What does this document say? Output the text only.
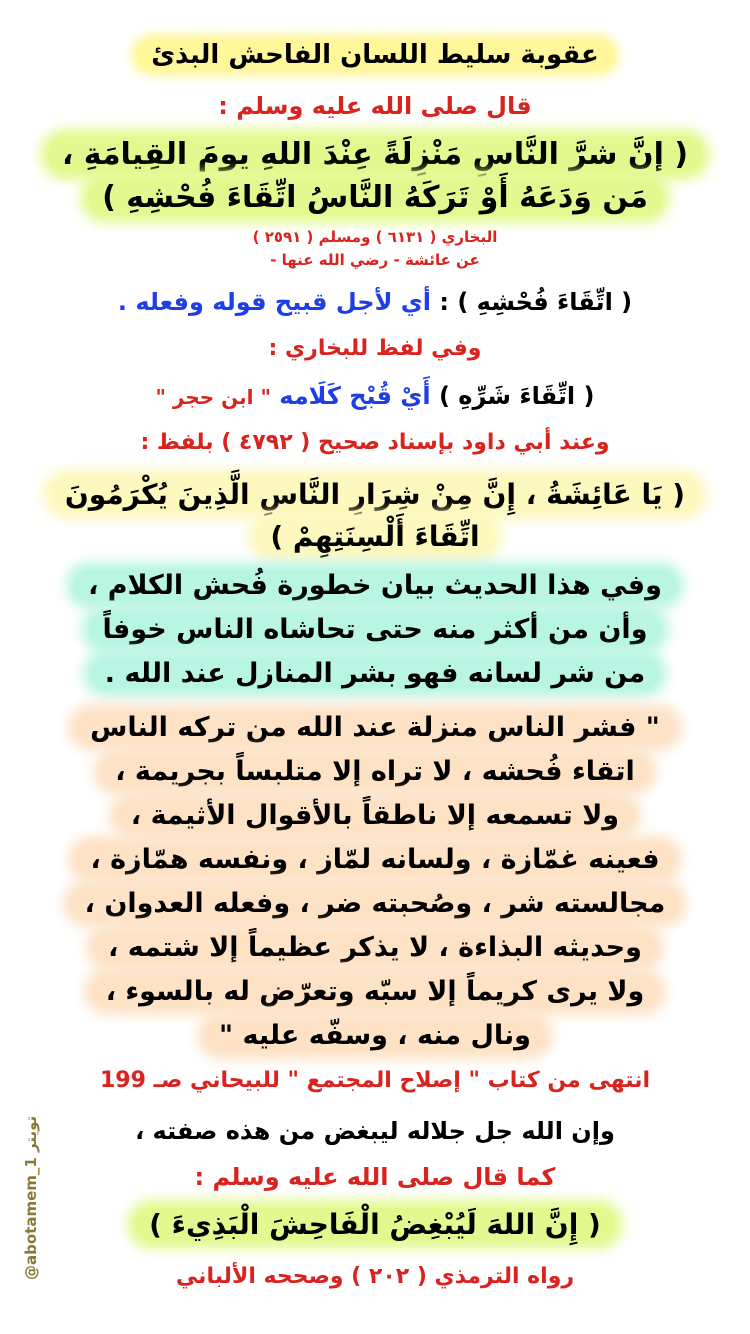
عقوبة سليط اللسان الفاحش البذئ
قال صلى الله عليه وسلم :
( إنَّ شرَّ النَّاسِ مَنْزِلَةً عِنْدَ اللهِ يومَ القِيامَةِ ،
مَن وَدَعَهُ أَوْ تَرَكَهُ النَّاسُ اتِّقَاءَ فُحْشِهِ )
البخاري ( ٦١٣١ ) ومسلم ( ٢٥٩١ )
عن عائشة - رضي الله عنها -
( اتِّقَاءَ فُحْشِهِ ) : أي لأجل قبيح قوله وفعله .
وفي لفظ للبخاري :
( اتِّقَاءَ شَرِّهِ ) أَيْ قُبْح كَلَامه " ابن حجر "
وعند أبي داود بإسناد صحيح ( ٤٧٩٢ ) بلفظ :
( يَا عَائِشَةُ ، إِنَّ مِنْ شِرَارِ النَّاسِ الَّذِينَ يُكْرَمُونَ
اتِّقَاءَ أَلْسِنَتِهِمْ )
وفي هذا الحديث بيان خطورة فُحش الكلام ،
وأن من أكثر منه حتى تحاشاه الناس خوفاً
من شر لسانه فهو بشر المنازل عند الله .
" فشر الناس منزلة عند الله من تركه الناس
اتقاء فُحشه ، لا تراه إلا متلبساً بجريمة ،
ولا تسمعه إلا ناطقاً بالأقوال الأثيمة ،
فعينه غمّازة ، ولسانه لمّاز ، ونفسه همّازة ،
مجالسته شر ، وصُحبته ضر ، وفعله العدوان ،
وحديثه البذاءة ، لا يذكر عظيماً إلا شتمه ،
ولا يرى كريماً إلا سبّه وتعرّض له بالسوء ،
ونال منه ، وسفّه عليه "
انتهى من كتاب " إصلاح المجتمع " للبيحاني صـ 199
وإن الله جل جلاله ليبغض من هذه صفته ،
كما قال صلى الله عليه وسلم :
( إِنَّ اللهَ لَيُبْغِضُ الْفَاحِشَ الْبَذِيءَ )
رواه الترمذي ( ٢٠٢ ) وصححه الألباني
@abotamem_1 تويتر
